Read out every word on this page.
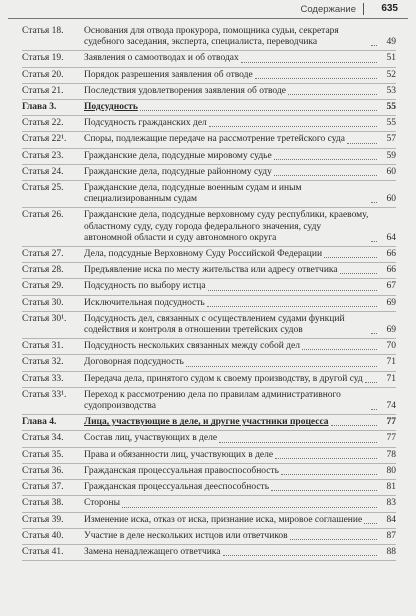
Содержание	635
Статья 18.	Основания для отвода прокурора, помощника судьи, секретаря судебного заседания, эксперта, специалиста, переводчика	49
Статья 19.	Заявления о самоотводах и об отводах	51
Статья 20.	Порядок разрешения заявления об отводе	52
Статья 21.	Последствия удовлетворения заявления об отводе	53
Глава 3.	Подсудность	55
Статья 22.	Подсудность гражданских дел	55
Статья 22¹.	Споры, подлежащие передаче на рассмотрение третейского суда	57
Статья 23.	Гражданские дела, подсудные мировому судье	59
Статья 24.	Гражданские дела, подсудные районному суду	60
Статья 25.	Гражданские дела, подсудные военным судам и иным специализированным судам	60
Статья 26.	Гражданские дела, подсудные верховному суду республики, краевому, областному суду, суду города федерального значения, суду автономной области и суду автономного округа	64
Статья 27.	Дела, подсудные Верховному Суду Российской Федерации	66
Статья 28.	Предъявление иска по месту жительства или адресу ответчика	66
Статья 29.	Подсудность по выбору истца	67
Статья 30.	Исключительная подсудность	69
Статья 30¹.	Подсудность дел, связанных с осуществлением судами функций содействия и контроля в отношении третейских судов	69
Статья 31.	Подсудность нескольких связанных между собой дел	70
Статья 32.	Договорная подсудность	71
Статья 33.	Передача дела, принятого судом к своему производству, в другой суд	71
Статья 33¹.	Переход к рассмотрению дела по правилам административного судопроизводства	74
Глава 4.	Лица, участвующие в деле, и другие участники процесса	77
Статья 34.	Состав лиц, участвующих в деле	77
Статья 35.	Права и обязанности лиц, участвующих в деле	78
Статья 36.	Гражданская процессуальная правоспособность	80
Статья 37.	Гражданская процессуальная дееспособность	81
Статья 38.	Стороны	83
Статья 39.	Изменение иска, отказ от иска, признание иска, мировое соглашение	84
Статья 40.	Участие в деле нескольких истцов или ответчиков	87
Статья 41.	Замена ненадлежащего ответчика	88
